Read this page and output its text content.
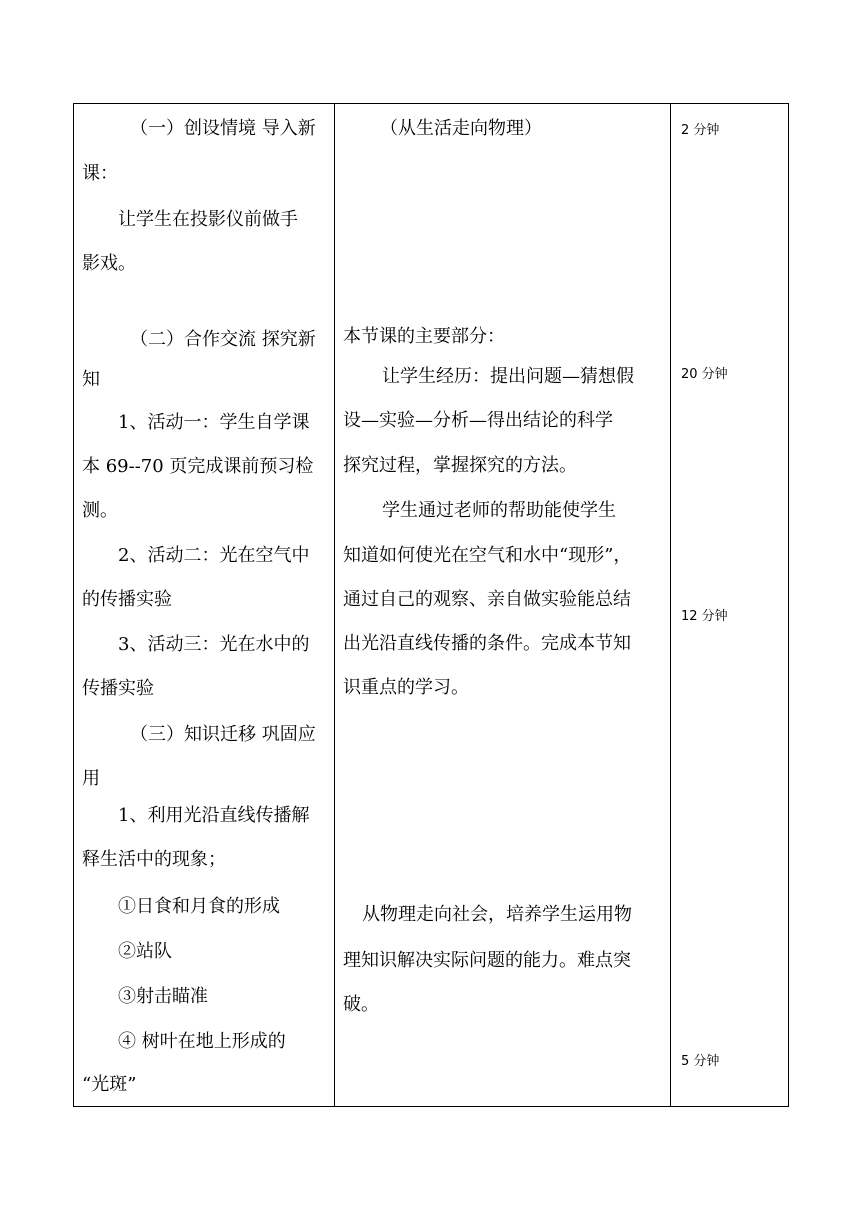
（一）创设情境 导入新
课：
让学生在投影仪前做手
影戏。
（二）合作交流 探究新
知
1、活动一：学生自学课
本 69--70 页完成课前预习检
测。
2、活动二：光在空气中
的传播实验
3、活动三：光在水中的
传播实验
（三）知识迁移 巩固应
用
1、利用光沿直线传播解
释生活中的现象；
①日食和月食的形成
②站队
③射击瞄准
④ 树叶在地上形成的
“光斑”
（从生活走向物理）
本节课的主要部分：
让学生经历：提出问题—猜想假
设—实验—分析—得出结论的科学
探究过程，掌握探究的方法。
学生通过老师的帮助能使学生
知道如何使光在空气和水中“现形”，
通过自己的观察、亲自做实验能总结
出光沿直线传播的条件。完成本节知
识重点的学习。
从物理走向社会，培养学生运用物
理知识解决实际问题的能力。难点突
破。
2 分钟
20 分钟
12 分钟
5 分钟
